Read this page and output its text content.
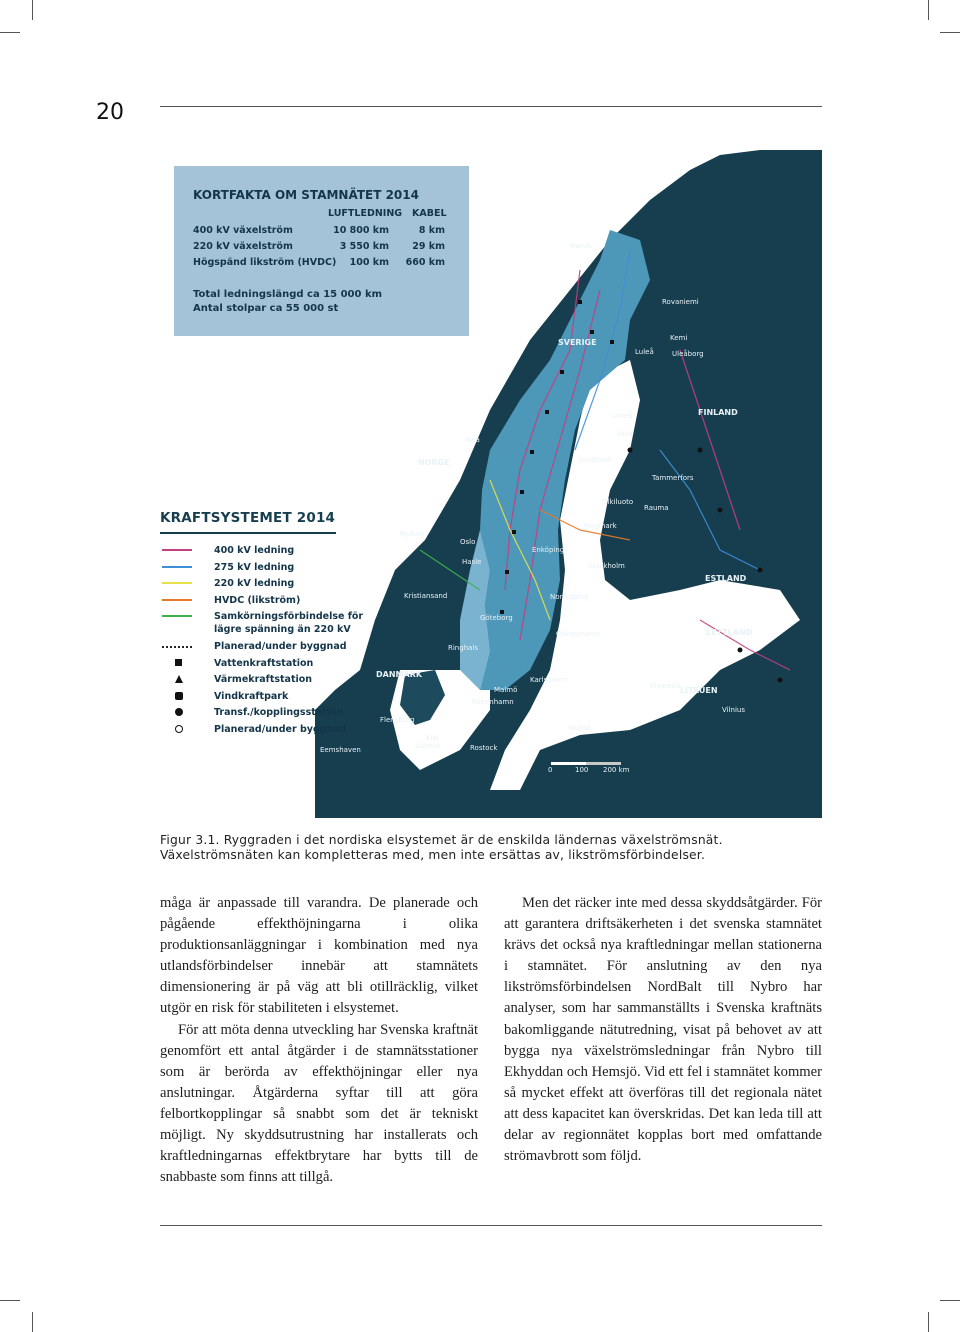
20
Narvik
Rovaniemi
Kemi
Uleåborg
Luleå
SVERIGE
Umeå
Vasa
FINLAND
Nea
NORGE	Sundsvall
Tammerfors
Olkiluoto
Rauma
Forsmark
Rjukan
Oslo
Enköping
Stockholm
Hasle
ESTLAND
Kristiansand	Norrköping
Göteborg
Oskarshamn	LETTLAND
Ringhals
DANMARK
Karlshamn
Klaipeda LITAUEN
Malmö
Köpenhamn
Vilnius
Flensburg
Slupsk
Kiel
Lübeck	Rostock
Eemshaven
0	100 200 km
KORTFAKTA OM STAMNÄTET 2014
LUFTLEDNING KABEL
400 kV växelström	10 800 km	8 km
220 kV växelström	3 550 km 29 km
Högspänd likström (HVDC) 100 km 660 km
Total ledningslängd ca 15 000 km
Antal stolpar ca 55 000 st
KRAFTSYSTEMET 2014
400 kV ledning
275 kV ledning
220 kV ledning
HVDC (likström)
Samkörningsförbindelse för
lägre spänning än 220 kV
Planerad/under byggnad
Vattenkraftstation
Värmekraftstation
Vindkraftpark
Transf./kopplingsstation
Planerad/under byggnad
Figur 3.1. Ryggraden i det nordiska elsystemet är de enskilda ländernas växelströmsnät. Växelströmsnäten kan kompletteras med, men inte ersättas av, likströmsförbindelser.

måga är anpassade till varandra. De planerade och pågående effekthöjningarna i olika produktionsanläggningar i kombination med nya utlandsförbindelser innebär att stamnätets dimensionering är på väg att bli otillräcklig, vilket utgör en risk för stabiliteten i elsystemet.

För att möta denna utveckling har Svenska kraftnät genomfört ett antal åtgärder i de stamnätsstationer som är berörda av effekthöjningar eller nya anslutningar. Åtgärderna syftar till att göra felbortkopplingar så snabbt som det är tekniskt möjligt. Ny skyddsutrustning har installerats och kraftledningarnas effektbrytare har bytts till de snabbaste som finns att tillgå.

Men det räcker inte med dessa skyddsåtgärder. För att garantera driftsäkerheten i det svenska stamnätet krävs det också nya kraftledningar mellan stationerna i stamnätet. För anslutning av den nya likströmsförbindelsen NordBalt till Nybro har analyser, som har sammanställts i Svenska kraftnäts bakomliggande nätutredning, visat på behovet av att bygga nya växelströmsledningar från Nybro till Ekhyddan och Hemsjö. Vid ett fel i stamnätet kommer så mycket effekt att överföras till det regionala nätet att dess kapacitet kan överskridas. Det kan leda till att delar av regionnätet kopplas bort med omfattande strömavbrott som följd.
